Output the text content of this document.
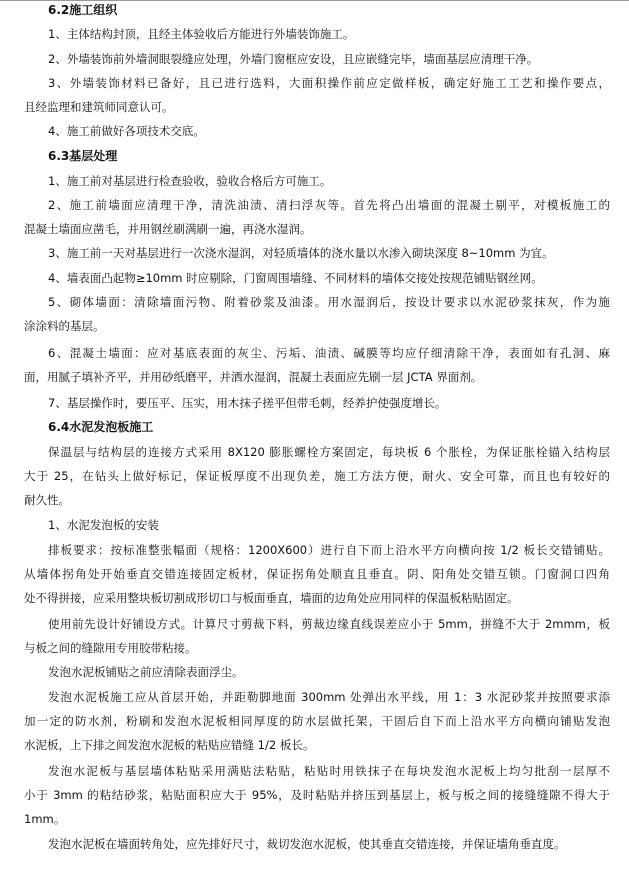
6.2施工组织
1、主体结构封顶，且经主体验收后方能进行外墙装饰施工。
2、外墙装饰前外墙洞眼裂缝应处理，外墙门窗框应安设，且应嵌缝完毕，墙面基层应清理干净。
3、外墙装饰材料已备好，且已进行选料，大面积操作前应定做样板，确定好施工工艺和操作要点，
且经监理和建筑师同意认可。
4、施工前做好各项技术交底。
6.3基层处理
1、施工前对基层进行检查验收，验收合格后方可施工。
2、施工前墙面应清理干净，清洗油渍、清扫浮灰等。首先将凸出墙面的混凝土剔平，对模板施工的
混凝土墙面应凿毛，并用钢丝刷满刷一遍，再浇水湿润。
3、施工前一天对基层进行一次浇水湿润，对轻质墙体的浇水量以水渗入砌块深度 8~10mm 为宜。
4、墙表面凸起物≥10mm 时应剔除，门窗周围墙缝、不同材料的墙体交接处按规范铺贴钢丝网。
5、砌体墙面：清除墙面污物、附着砂浆及油漆。用水湿润后，按设计要求以水泥砂浆抹灰，作为施
涂涂料的基层。
6、混凝土墙面：应对基底表面的灰尘、污垢、油渍、碱膜等均应仔细清除干净，表面如有孔洞、麻
面，用腻子填补齐平，并用砂纸磨平，并洒水湿润，混凝土表面应先刷一层 JCTA 界面剂。
7、基层操作时，要压平、压实，用木抹子搓平但带毛刺，经养护使强度增长。
6.4水泥发泡板施工
保温层与结构层的连接方式采用 8X120 膨胀螺栓方案固定，每块板 6 个胀栓，为保证胀栓锚入结构层
大于 25，在钻头上做好标记，保证板厚度不出现负差，施工方法方便，耐火、安全可靠，而且也有较好的
耐久性。
1、水泥发泡板的安装
排板要求：按标准整张幅面（规格：1200X600）进行自下而上沿水平方向横向按 1/2 板长交错铺贴。
从墙体拐角处开始垂直交错连接固定板材，保证拐角处顺直且垂直。阴、阳角处交错互锁。门窗洞口四角
处不得拼接，应采用整块板切割成形切口与板面垂直，墙面的边角处应用同样的保温板粘贴固定。
使用前先设计好铺设方式。计算尺寸剪裁下料，剪裁边缘直线误差应小于 5mm，拼缝不大于 2mmm，板
与板之间的缝隙用专用胶带粘接。
发泡水泥板铺贴之前应清除表面浮尘。
发泡水泥板施工应从首层开始，并距勒脚地面 300mm 处弹出水平线，用 1：3 水泥砂浆并按照要求添
加一定的防水剂，粉刷和发泡水泥板相同厚度的防水层做托架，干固后自下而上沿水平方向横向铺贴发泡
水泥板，上下排之间发泡水泥板的粘贴应错缝 1/2 板长。
发泡水泥板与基层墙体粘贴采用满贴法粘贴，粘贴时用铁抹子在每块发泡水泥板上均匀批刮一层厚不
小于 3mm 的粘结砂浆，粘贴面积应大于 95%，及时粘贴并挤压到基层上，板与板之间的接缝缝隙不得大于
1mm。
发泡水泥板在墙面转角处，应先排好尺寸，裁切发泡水泥板，使其垂直交错连接，并保证墙角垂直度。
